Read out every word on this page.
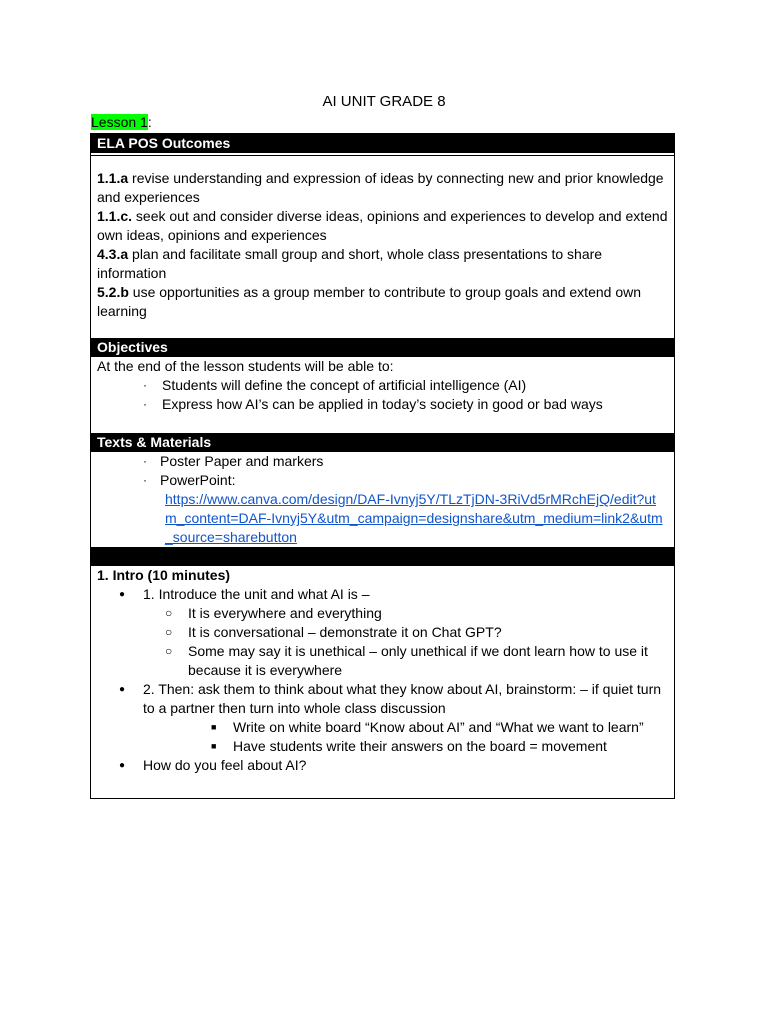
AI UNIT GRADE 8
Lesson 1:
ELA POS Outcomes
1.1.a revise understanding and expression of ideas by connecting new and prior knowledge and experiences
1.1.c. seek out and consider diverse ideas, opinions and experiences to develop and extend own ideas, opinions and experiences
4.3.a plan and facilitate small group and short, whole class presentations to share information
5.2.b use opportunities as a group member to contribute to group goals and extend own learning
Objectives
At the end of the lesson students will be able to:
· Students will define the concept of artificial intelligence (AI)
· Express how AI’s can be applied in today’s society in good or bad ways
Texts & Materials
· Poster Paper and markers
· PowerPoint:
https://www.canva.com/design/DAF-Ivnyj5Y/TLzTjDN-3RiVd5rMRchEjQ/edit?utm_content=DAF-Ivnyj5Y&utm_campaign=designshare&utm_medium=link2&utm_source=sharebutton
1. Intro (10 minutes)
● 1. Introduce the unit and what AI is –
○ It is everywhere and everything
○ It is conversational – demonstrate it on Chat GPT?
○ Some may say it is unethical – only unethical if we dont learn how to use it because it is everywhere
● 2. Then: ask them to think about what they know about AI, brainstorm: – if quiet turn to a partner then turn into whole class discussion
■ Write on white board “Know about AI” and “What we want to learn”
■ Have students write their answers on the board = movement
● How do you feel about AI?
